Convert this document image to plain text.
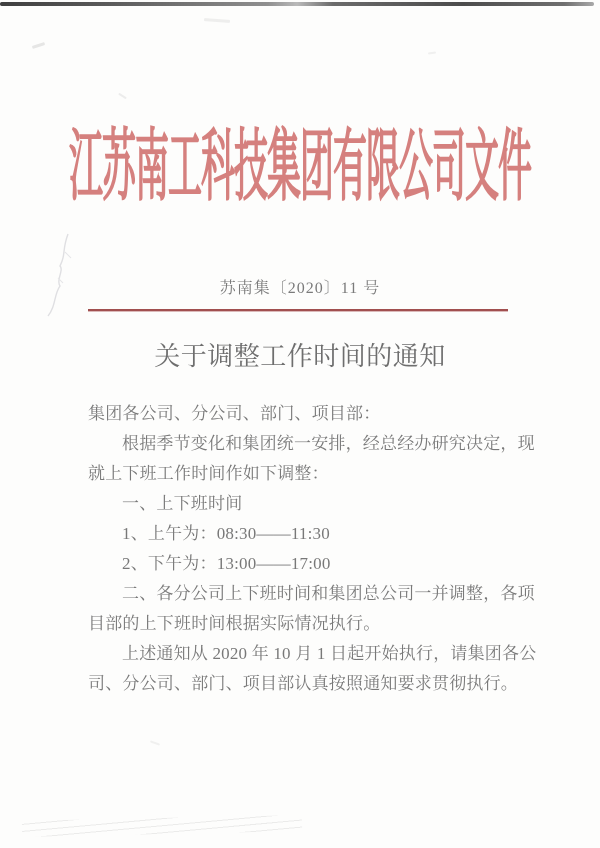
江苏南工科技集团有限公司文件
苏南集〔2020〕11 号
关于调整工作时间的通知
集团各公司、分公司、部门、项目部：
根据季节变化和集团统一安排，经总经办研究决定，现
就上下班工作时间作如下调整：
一、上下班时间
1、上午为：08:30——11:30
2、下午为：13:00——17:00
二、各分公司上下班时间和集团总公司一并调整，各项
目部的上下班时间根据实际情况执行。
上述通知从 2020 年 10 月 1 日起开始执行，请集团各公
司、分公司、部门、项目部认真按照通知要求贯彻执行。
